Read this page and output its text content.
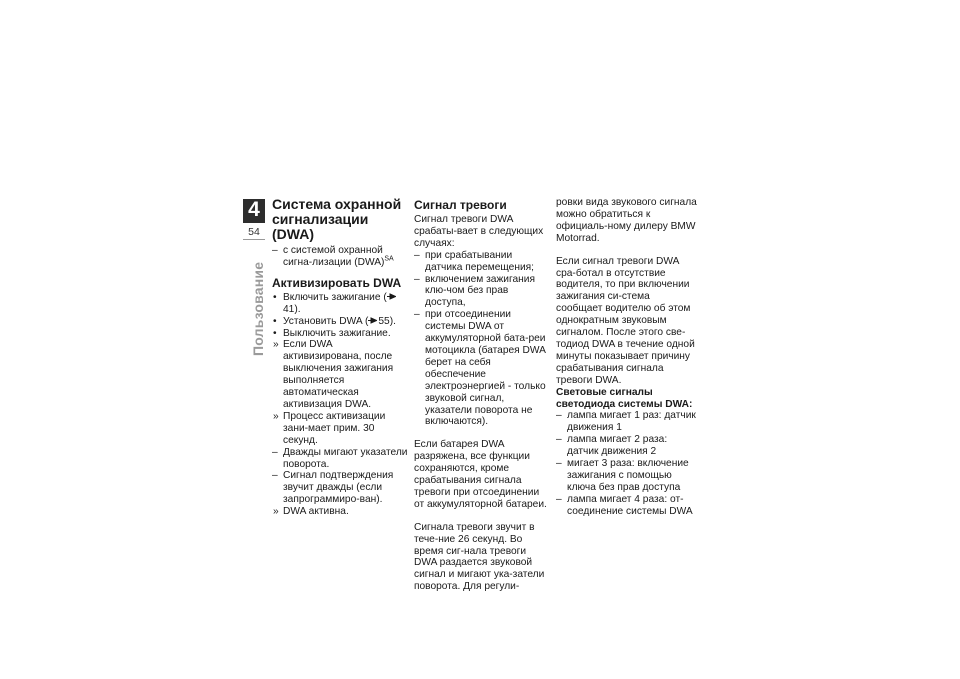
4
54
Пользование
Система охранной сигнализации (DWA)
– с системой охранной сигна-лизации (DWA)$^{SA}$
Активизировать DWA
• Включить зажигание (41).
• Установить DWA ( 55).
• Выключить зажигание.
» Если DWA активизирована, после выключения зажигания выполняется автоматическая активизация DWA.
» Процесс активизации зани-мает прим. 30 секунд.
– Дважды мигают указатели поворота.
– Сигнал подтверждения звучит дважды (если запрограммиро-ван).
» DWA активна.
Сигнал тревоги

Сигнал тревоги DWA срабаты-вает в следующих случаях:

– при срабатывании датчика перемещения;
– включением зажигания клю-чом без прав доступа,
– при отсоединении системы DWA от аккумуляторной бата-реи мотоцикла (батарея DWA берет на себя обеспечение электроэнергией - только звуковой сигнал, указатели поворота не включаются).

Если батарея DWA разряжена, все функции сохраняются, кроме срабатывания сигнала тревоги при отсоединении от аккумуляторной батареи.

Сигнала тревоги звучит в тече-ние 26 секунд. Во время сиг-нала тревоги DWA раздается звуковой сигнал и мигают ука-затели поворота. Для регули-

ровки вида звукового сигнала можно обратиться к официаль-ному дилеру BMW Motorrad.

Если сигнал тревоги DWA сра-ботал в отсутствие водителя, то при включении зажигания си-стема сообщает водителю об этом однократным звуковым сигналом. После этого све-тодиод DWA в течение одной минуты показывает причину срабатывания сигнала тревоги DWA.

Световые сигналы светодиода системы DWA:
– лампа мигает 1 раз: датчик движения 1
– лампа мигает 2 раза: датчик движения 2
– мигает 3 раза: включение зажигания с помощью ключа без прав доступа
– лампа мигает 4 раза: от-соединение системы DWA
